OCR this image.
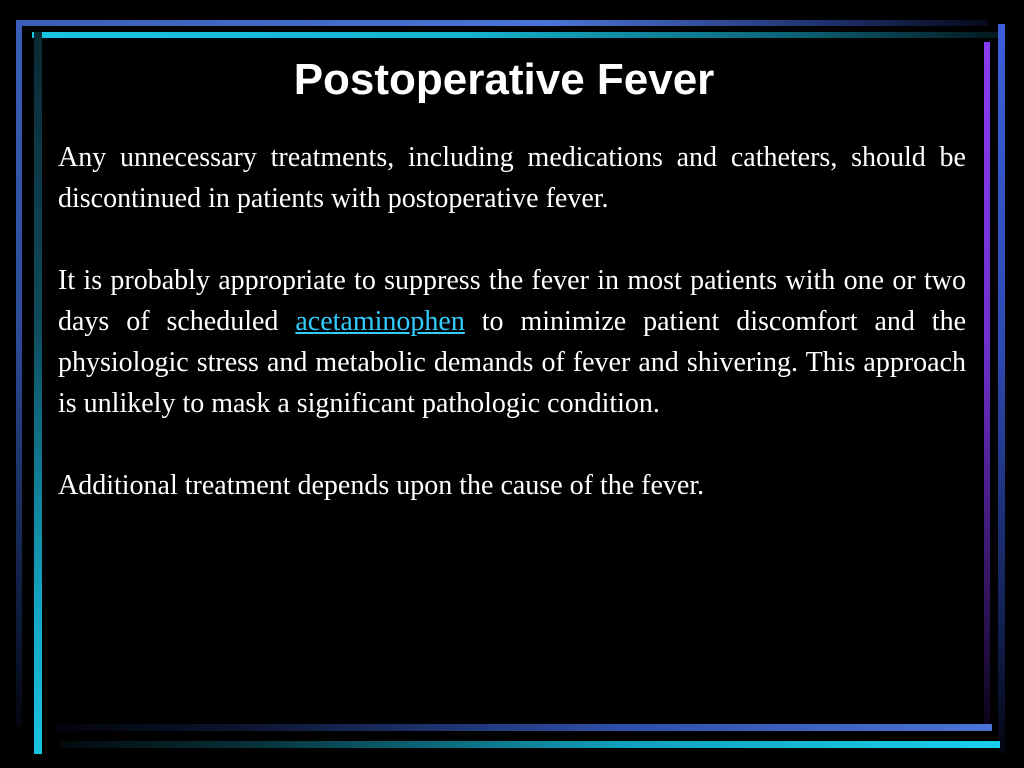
Postoperative Fever

Any unnecessary treatments, including medications and catheters, should be discontinued in patients with postoperative fever.

It is probably appropriate to suppress the fever in most patients with one or two days of scheduled acetaminophen to minimize patient discomfort and the physiologic stress and metabolic demands of fever and shivering. This approach is unlikely to mask a significant pathologic condition.

Additional treatment depends upon the cause of the fever.
